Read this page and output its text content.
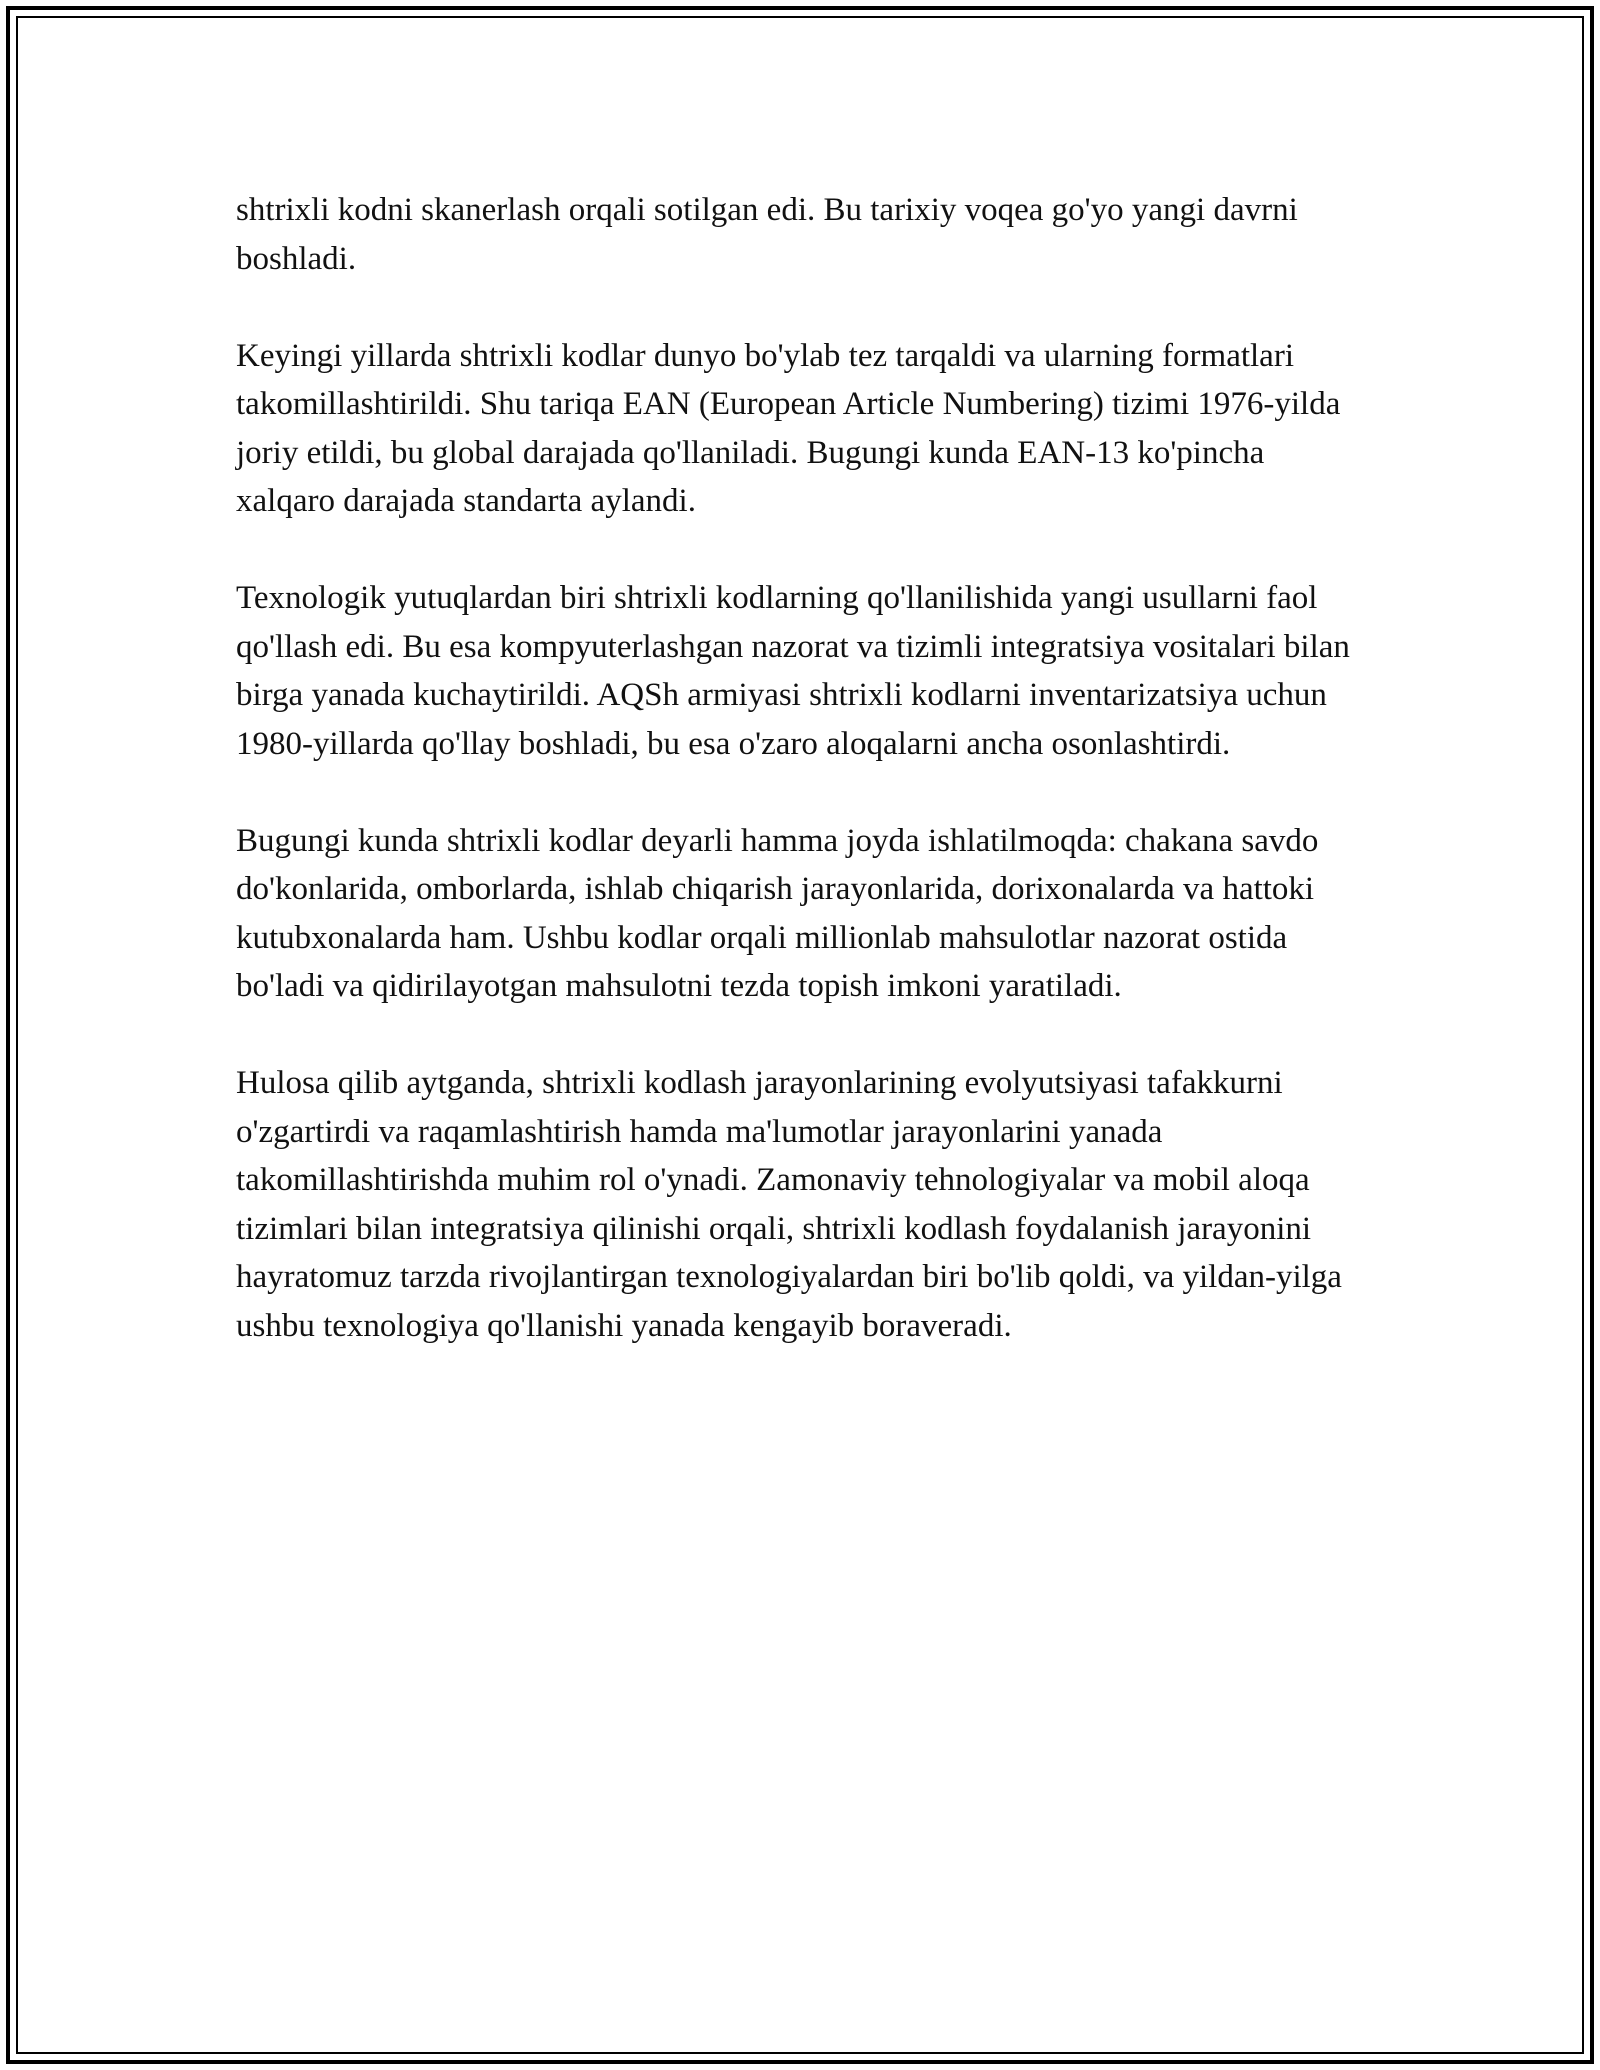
shtrixli kodni skanerlash orqali sotilgan edi. Bu tarixiy voqea go'yo yangi davrni boshladi.

Keyingi yillarda shtrixli kodlar dunyo bo'ylab tez tarqaldi va ularning formatlari takomillashtirildi. Shu tariqa EAN (European Article Numbering) tizimi 1976-yilda joriy etildi, bu global darajada qo'llaniladi. Bugungi kunda EAN-13 ko'pincha xalqaro darajada standarta aylandi.

Texnologik yutuqlardan biri shtrixli kodlarning qo'llanilishida yangi usullarni faol qo'llash edi. Bu esa kompyuterlashgan nazorat va tizimli integratsiya vositalari bilan birga yanada kuchaytirildi. AQSh armiyasi shtrixli kodlarni inventarizatsiya uchun 1980-yillarda qo'llay boshladi, bu esa o'zaro aloqalarni ancha osonlashtirdi.

Bugungi kunda shtrixli kodlar deyarli hamma joyda ishlatilmoqda: chakana savdo do'konlarida, omborlarda, ishlab chiqarish jarayonlarida, dorixonalarda va hattoki kutubxonalarda ham. Ushbu kodlar orqali millionlab mahsulotlar nazorat ostida bo'ladi va qidirilayotgan mahsulotni tezda topish imkoni yaratiladi.

Hulosa qilib aytganda, shtrixli kodlash jarayonlarining evolyutsiyasi tafakkurni o'zgartirdi va raqamlashtirish hamda ma'lumotlar jarayonlarini yanada takomillashtirishda muhim rol o'ynadi. Zamonaviy tehnologiyalar va mobil aloqa tizimlari bilan integratsiya qilinishi orqali, shtrixli kodlash foydalanish jarayonini hayratomuz tarzda rivojlantirgan texnologiyalardan biri bo'lib qoldi, va yildan-yilga ushbu texnologiya qo'llanishi yanada kengayib boraveradi.
